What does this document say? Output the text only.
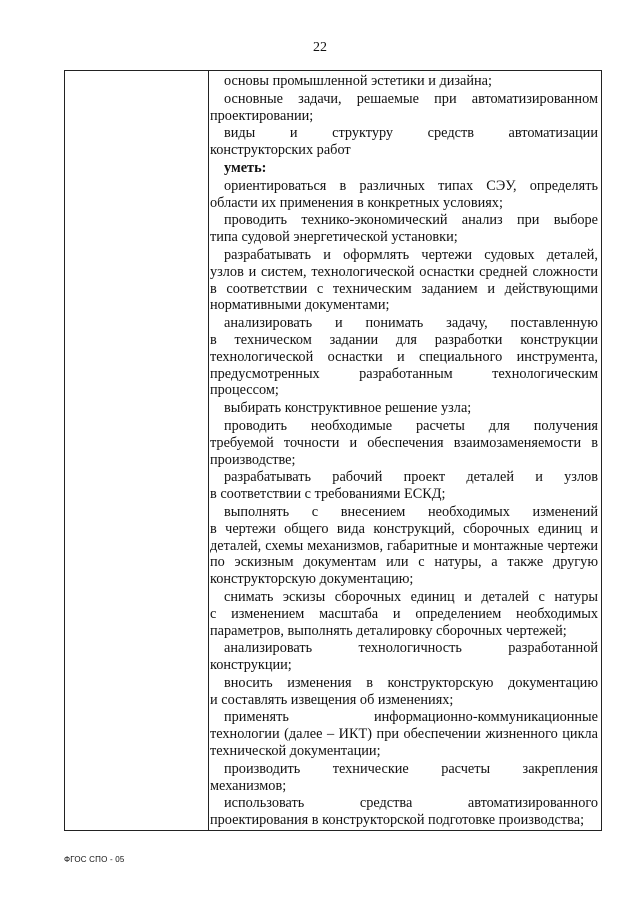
22
основы промышленной эстетики и дизайна;
основные задачи, решаемые при автоматизированном
проектировании;
виды и структуру средств автоматизации
конструкторских работ
уметь:
ориентироваться в различных типах СЭУ, определять
области их применения в конкретных условиях;
проводить технико-экономический анализ при выборе
типа судовой энергетической установки;
разрабатывать и оформлять чертежи судовых деталей,
узлов и систем, технологической оснастки средней сложности в соответствии с техническим заданием и действующими нормативными документами;
анализировать и понимать задачу, поставленную
в техническом задании для разработки конструкции технологической оснастки и специального инструмента, предусмотренных разработанным технологическим процессом;
выбирать конструктивное решение узла;
проводить необходимые расчеты для получения
требуемой точности и обеспечения взаимозаменяемости в производстве;
разрабатывать рабочий проект деталей и узлов
в соответствии с требованиями ЕСКД;
выполнять с внесением необходимых изменений
в чертежи общего вида конструкций, сборочных единиц и деталей, схемы механизмов, габаритные и монтажные чертежи по эскизным документам или с натуры, а также другую конструкторскую документацию;
снимать эскизы сборочных единиц и деталей с натуры
с изменением масштаба и определением необходимых параметров, выполнять деталировку сборочных чертежей;
анализировать технологичность разработанной
конструкции;
вносить изменения в конструкторскую документацию
и составлять извещения об изменениях;
применять информационно-коммуникационные
технологии (далее – ИКТ) при обеспечении жизненного цикла технической документации;
производить технические расчеты закрепления
механизмов;
использовать средства автоматизированного
проектирования в конструкторской подготовке производства;
ФГОС СПО - 05
